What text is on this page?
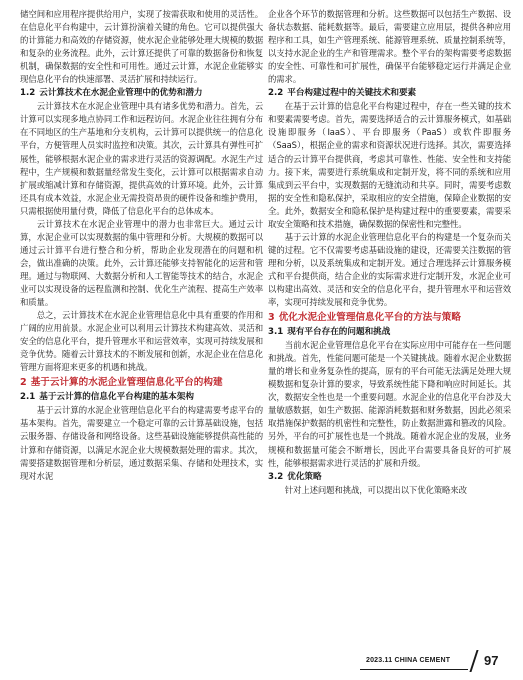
储空间和应用程序提供给用户，实现了按需获取和使用的灵活性。在信息化平台构建中，云计算扮演着关键的角色。它可以提供强大的计算能力和高效的存储资源，使水泥企业能够处理大规模的数据和复杂的业务流程。此外，云计算还提供了可靠的数据备份和恢复机制，确保数据的安全性和可用性。通过云计算，水泥企业能够实现信息化平台的快速部署、灵活扩展和持续运行。

1.2 云计算技术在水泥企业管理中的优势和潜力

云计算技术在水泥企业管理中具有诸多优势和潜力。首先，云计算可以实现多地点协同工作和远程访问。水泥企业往往拥有分布在不同地区的生产基地和分支机构，云计算可以提供统一的信息化平台，方便管理人员实时监控和决策。其次，云计算具有弹性可扩展性，能够根据水泥企业的需求进行灵活的资源调配。水泥生产过程中，生产规模和数据量经常发生变化，云计算可以根据需求自动扩展或缩减计算和存储资源，提供高效的计算环境。此外，云计算还具有成本效益，水泥企业无需投资昂贵的硬件设备和维护费用，只需根据使用量付费，降低了信息化平台的总体成本。

云计算技术在水泥企业管理中的潜力也非常巨大。通过云计算，水泥企业可以实现数据的集中管理和分析。大规模的数据可以通过云计算平台进行整合和分析，帮助企业发现潜在的问题和机会，做出准确的决策。此外，云计算还能够支持智能化的运营和管理。通过与物联网、大数据分析和人工智能等技术的结合，水泥企业可以实现设备的远程监测和控制、优化生产流程、提高生产效率和质量。

总之，云计算技术在水泥企业管理信息化中具有重要的作用和广阔的应用前景。水泥企业可以利用云计算技术构建高效、灵活和安全的信息化平台，提升管理水平和运营效率，实现可持续发展和竞争优势。随着云计算技术的不断发展和创新，水泥企业在信息化管理方面将迎来更多的机遇和挑战。

2 基于云计算的水泥企业管理信息化平台的构建
2.1 基于云计算的信息化平台构建的基本架构

基于云计算的水泥企业管理信息化平台的构建需要考虑平台的基本架构。首先，需要建立一个稳定可靠的云计算基础设施，包括云服务器、存储设备和网络设备。这些基础设施能够提供高性能的计算和存储资源，以满足水泥企业大规模数据处理的需求。其次，需要搭建数据管理和分析层，通过数据采集、存储和处理技术，实现对水泥

企业各个环节的数据管理和分析。这些数据可以包括生产数据、设备状态数据、能耗数据等。最后，需要建立应用层，提供各种应用程序和工具，如生产管理系统、能源管理系统、质量控制系统等，以支持水泥企业的生产和管理需求。整个平台的架构需要考虑数据的安全性、可靠性和可扩展性，确保平台能够稳定运行并满足企业的需求。

2.2 平台构建过程中的关键技术和要素

在基于云计算的信息化平台构建过程中，存在一些关键的技术和要素需要考虑。首先，需要选择适合的云计算服务模式，如基础设施即服务（IaaS）、平台即服务（PaaS）或软件即服务（SaaS），根据企业的需求和资源状况进行选择。其次，需要选择适合的云计算平台提供商，考虑其可靠性、性能、安全性和支持能力。接下来，需要进行系统集成和定制开发，将不同的系统和应用集成到云平台中，实现数据的无缝流动和共享。同时，需要考虑数据的安全性和隐私保护，采取相应的安全措施，保障企业数据的安全。此外，数据安全和隐私保护是构建过程中的重要要素，需要采取安全策略和技术措施，确保数据的保密性和完整性。

基于云计算的水泥企业管理信息化平台的构建是一个复杂而关键的过程。它不仅需要考虑基础设施的建设，还需要关注数据的管理和分析，以及系统集成和定制开发。通过合理选择云计算服务模式和平台提供商，结合企业的实际需求进行定制开发，水泥企业可以构建出高效、灵活和安全的信息化平台，提升管理水平和运营效率，实现可持续发展和竞争优势。

3 优化水泥企业管理信息化平台的方法与策略
3.1 现有平台存在的问题和挑战

当前水泥企业管理信息化平台在实际应用中可能存在一些问题和挑战。首先，性能问题可能是一个关键挑战。随着水泥企业数据量的增长和业务复杂性的提高，原有的平台可能无法满足处理大规模数据和复杂计算的要求，导致系统性能下降和响应时间延长。其次，数据安全性也是一个重要问题。水泥企业的信息化平台涉及大量敏感数据，如生产数据、能源消耗数据和财务数据，因此必须采取措施保护数据的机密性和完整性，防止数据泄露和篡改的风险。另外，平台的可扩展性也是一个挑战。随着水泥企业的发展，业务规模和数据量可能会不断增长，因此平台需要具备良好的可扩展性，能够根据需求进行灵活的扩展和升级。

3.2 优化策略

针对上述问题和挑战，可以提出以下优化策略来改

2023.11 CHINA CEMENT	97
